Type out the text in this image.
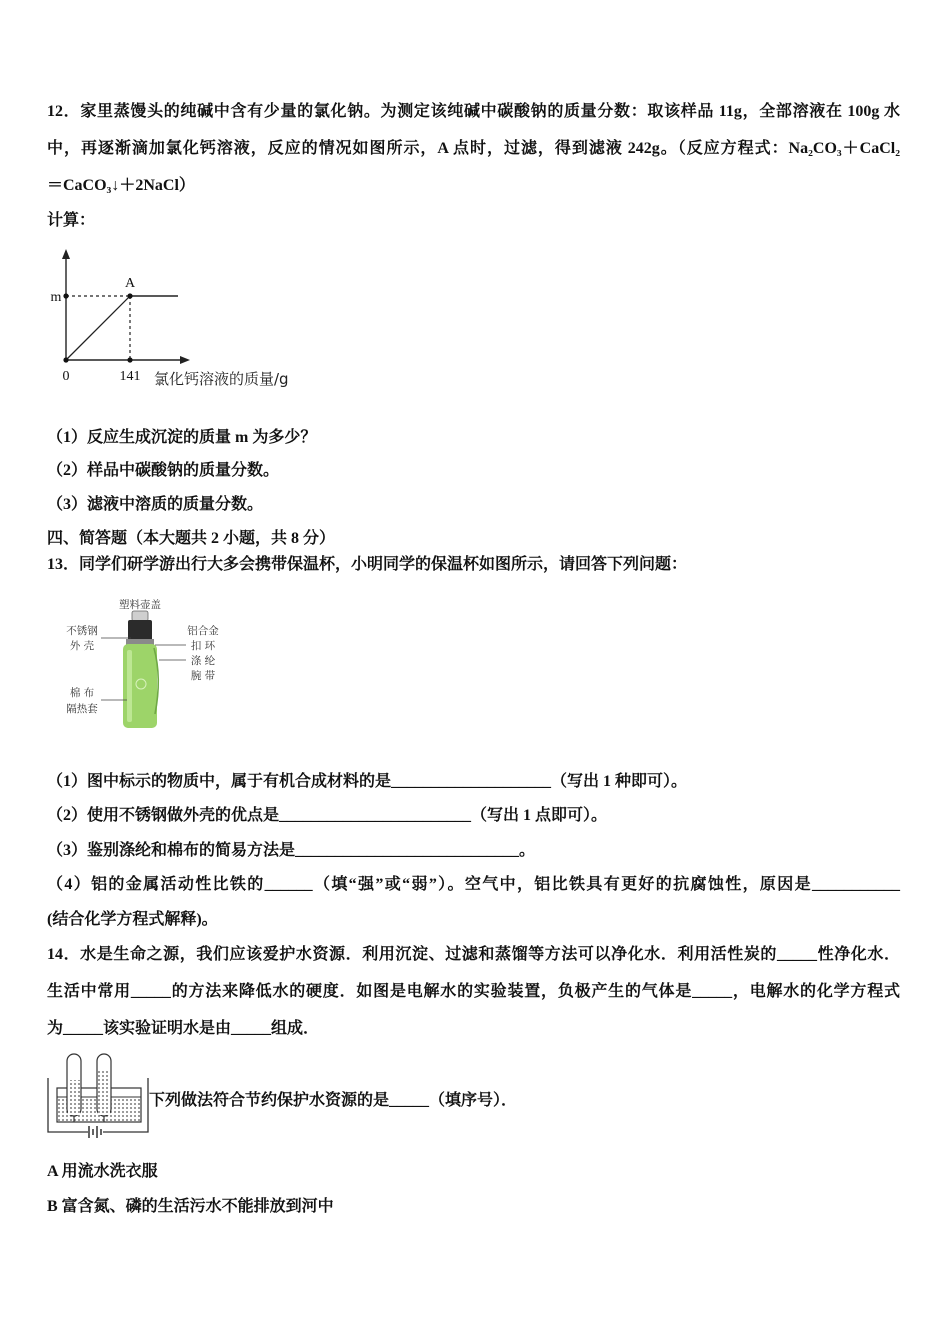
12．家里蒸馒头的纯碱中含有少量的氯化钠。为测定该纯碱中碳酸钠的质量分数：取该样品 11g，全部溶液在 100g 水
中，再逐渐滴加氯化钙溶液，反应的情况如图所示，A 点时，过滤，得到滤液 242g。（反应方程式：Na₂CO₃＋CaCl₂
＝CaCO₃↓＋2NaCl）
计算：
m
A
0	141 氯化钙溶液的质量/g
（1）反应生成沉淀的质量 m 为多少？
（2）样品中碳酸钠的质量分数。
（3）滤液中溶质的质量分数。
四、简答题（本大题共 2 小题，共 8 分）
13．同学们研学游出行大多会携带保温杯，小明同学的保温杯如图所示，请回答下列问题：
塑料壶盖
不锈钢
外 壳
铝合金
扣 环
涤 纶
腕 带
棉 布
隔热套
（1）图中标示的物质中，属于有机合成材料的是____________________（写出 1 种即可）。
（2）使用不锈钢做外壳的优点是________________________（写出 1 点即可）。
（3）鉴别涤纶和棉布的简易方法是____________________________。
（4）铝的金属活动性比铁的______（填“强”或“弱”）。空气中，铝比铁具有更好的抗腐蚀性，原因是___________
(结合化学方程式解释)。
14．水是生命之源，我们应该爱护水资源．利用沉淀、过滤和蒸馏等方法可以净化水．利用活性炭的_____性净化水．
生活中常用_____的方法来降低水的硬度．如图是电解水的实验装置，负极产生的气体是_____，电解水的化学方程式
为_____该实验证明水是由_____组成．
下列做法符合节约保护水资源的是_____（填序号）．
A 用流水洗衣服
B 富含氮、磷的生活污水不能排放到河中
